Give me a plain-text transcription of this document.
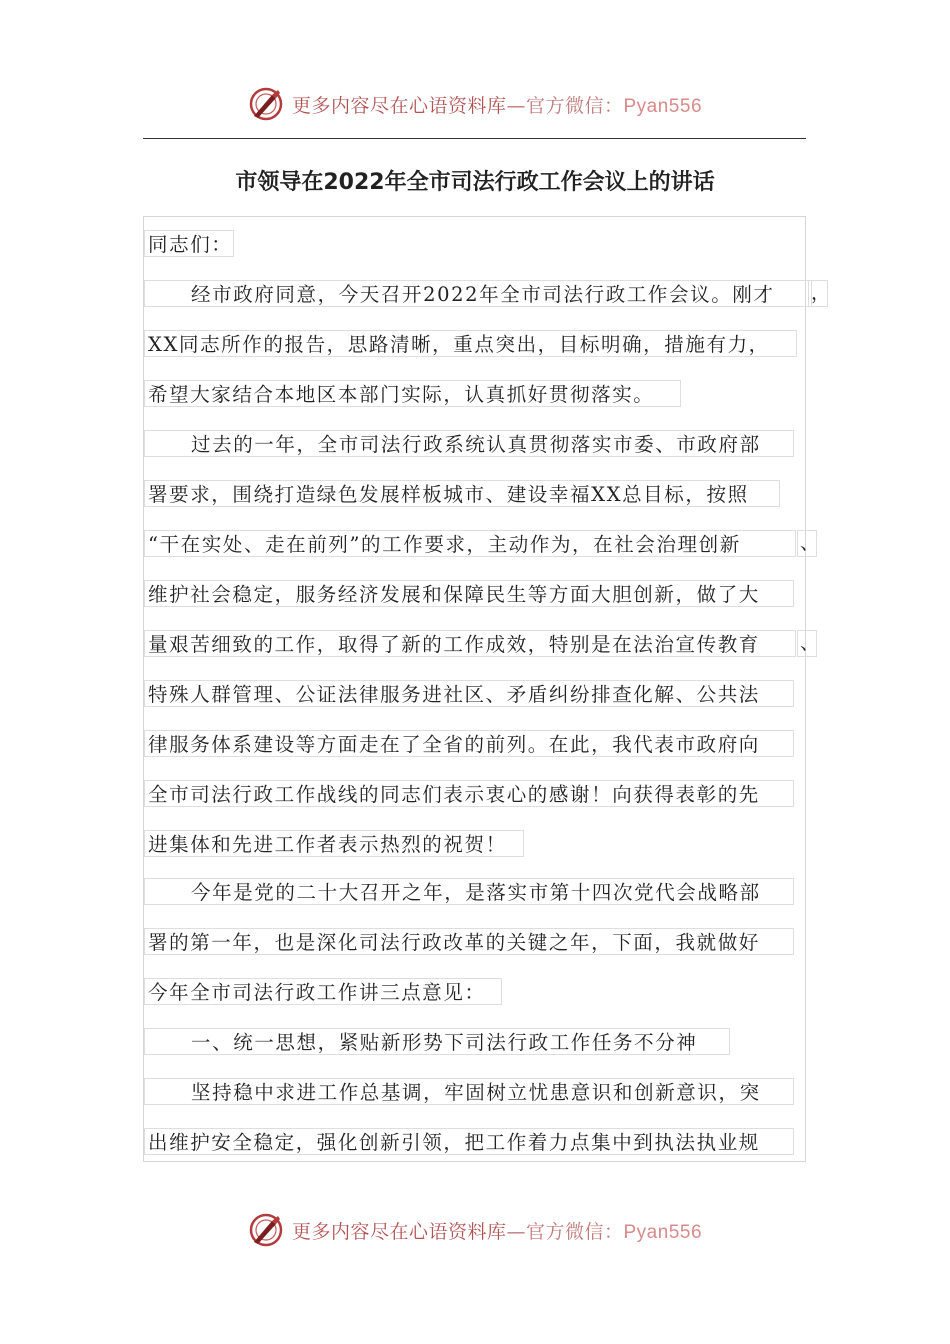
更多内容尽在心语资料库—官方微信：Pyan556
市领导在2022年全市司法行政工作会议上的讲话
同志们：
经市政府同意，今天召开2022年全市司法行政工作会议。刚才	，
XX同志所作的报告，思路清晰，重点突出，目标明确，措施有力，
希望大家结合本地区本部门实际，认真抓好贯彻落实。
过去的一年，全市司法行政系统认真贯彻落实市委、市政府部
署要求，围绕打造绿色发展样板城市、建设幸福XX总目标，按照
“干在实处、走在前列”的工作要求，主动作为，在社会治理创新	、
维护社会稳定，服务经济发展和保障民生等方面大胆创新，做了大
量艰苦细致的工作，取得了新的工作成效，特别是在法治宣传教育	、
特殊人群管理、公证法律服务进社区、矛盾纠纷排查化解、公共法
律服务体系建设等方面走在了全省的前列。在此，我代表市政府向
全市司法行政工作战线的同志们表示衷心的感谢！向获得表彰的先
进集体和先进工作者表示热烈的祝贺！
今年是党的二十大召开之年，是落实市第十四次党代会战略部
署的第一年，也是深化司法行政改革的关键之年，下面，我就做好
今年全市司法行政工作讲三点意见：
一、统一思想，紧贴新形势下司法行政工作任务不分神
坚持稳中求进工作总基调，牢固树立忧患意识和创新意识，突
出维护安全稳定，强化创新引领，把工作着力点集中到执法执业规
更多内容尽在心语资料库—官方微信：Pyan556
